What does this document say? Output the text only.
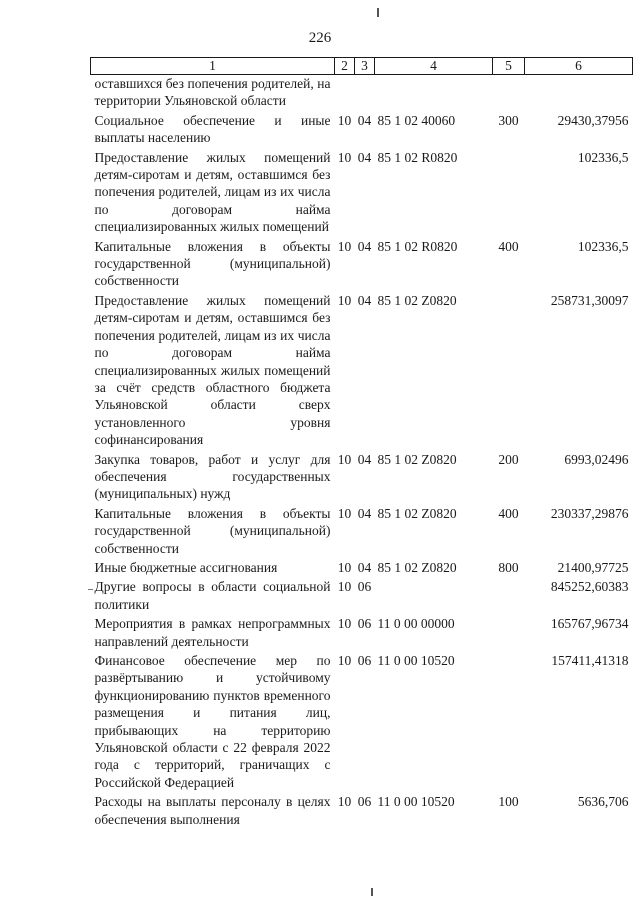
226
1	2	3	4	5	6
оставшихся без попечения родителей, на территории Ульяновской области					
Социальное обеспечение и иные выплаты населению	10	04	85 1 02 40060	300	29430,37956
Предоставление жилых помещений детям-сиротам и детям, оставшимся без попечения родителей, лицам из их числа по договорам найма специализированных жилых помещений	10	04	85 1 02 R0820		102336,5
Капитальные вложения в объекты государственной (муниципальной) собственности	10	04	85 1 02 R0820	400	102336,5
Предоставление жилых помещений детям-сиротам и детям, оставшимся без попечения родителей, лицам из их числа по договорам найма специализированных жилых помещений за счёт средств областного бюджета Ульяновской области сверх установленного уровня софинансирования	10	04	85 1 02 Z0820		258731,30097
Закупка товаров, работ и услуг для обеспечения государственных (муниципальных) нужд	10	04	85 1 02 Z0820	200	6993,02496
Капитальные вложения в объекты государственной (муниципальной) собственности	10	04	85 1 02 Z0820	400	230337,29876
Иные бюджетные ассигнования	10	04	85 1 02 Z0820	800	21400,97725
Другие вопросы в области социальной политики	10	06			845252,60383
Мероприятия в рамках непрограммных направлений деятельности	10	06	11 0 00 00000		165767,96734
Финансовое обеспечение мер по развёртыванию и устойчивому функционированию пунктов временного размещения и питания лиц, прибывающих на территорию Ульяновской области с 22 февраля 2022 года с территорий, граничащих с Российской Федерацией	10	06	11 0 00 10520		157411,41318
Расходы на выплаты персоналу в целях обеспечения выполнения	10	06	11 0 00 10520	100	5636,706
